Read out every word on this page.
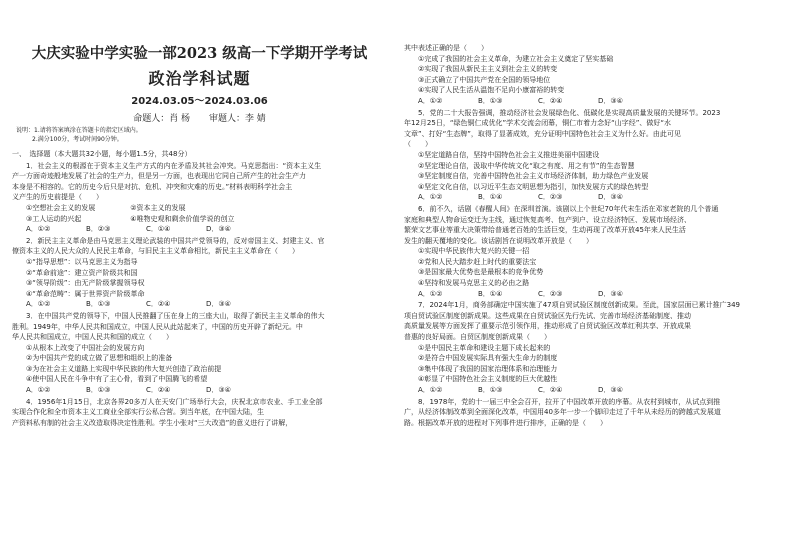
大庆实验中学实验一部2023 级高一下学期开学考试
政治学科试题
2024.03.05～2024.03.06
命题人：肖 杨 审题人：李 婧
说明：1.请将答案填涂在答题卡的指定区域内。
2.满分100分，考试时间90分钟。

一、　选择题（本大题共32小题，每小题1.5分，共48分）

1．社会主义的根源在于资本主义生产方式的内在矛盾及其社会冲突。马克思指出：“资本主义生

产一方面奇迹般地发展了社会的生产力，但是另一方面，也表现出它同自己所产生的社会生产力

本身是不相容的。它的历史今后只是对抗、危机、冲突和灾难的历史。”材料表明科学社会主

义产生的历史前提是（　　）

①空想社会主义的发展　　　　　②资本主义的发展

③工人运动的兴起　　　　　　　④唯物史观和剩余价值学说的创立

A．①②	B．②③	C．①④	D．③④

2．新民主主义革命是由马克思主义理论武装的中国共产党领导的，反对帝国主义、封建主义、官

僚资本主义的人民大众的人民民主革命，与旧民主主义革命相比，新民主主义革命在（　　）

①“指导思想”：以马克思主义为指导

②“革命前途”：建立资产阶级共和国

③“领导阶级”：由无产阶级掌握领导权

④“革命范畴”：属于世界资产阶级革命

A．①②	B．①③	C．②④	D．③④

3．在中国共产党的领导下，中国人民推翻了压在身上的三座大山，取得了新民主主义革命的伟大

胜利。1949年，中华人民共和国成立，中国人民从此站起来了，中国的历史开辟了新纪元。中

华人民共和国成立，中国人民共和国的成立（　　）

①从根本上改变了中国社会的发展方向

②为中国共产党的成立做了思想和组织上的准备

③为在社会主义道路上实现中华民族的伟大复兴创造了政治前提

④使中国人民在斗争中有了主心骨，看到了中国腾飞的希望

A．①②	B．①③	C．②④	D．③④

4．1956年1月15日，北京各界20多万人在天安门广场举行大会，庆祝北京市农业、手工业全部

实现合作化和全市资本主义工商业全部实行公私合营。到当年底，在中国大陆，生

产资料私有制的社会主义改造取得决定性胜利。学生小张对“三大改造”的意义进行了讲解，

其中表述正确的是（　　）

①完成了我国的社会主义革命，为建立社会主义奠定了坚实基础

②实现了我国从新民主主义到社会主义的转变

③正式确立了中国共产党在全国的领导地位

④实现了人民生活从温饱不足向小康富裕的转变

A．①②	B．①③	C．②④	D．③④

5．党的二十大报告强调，推动经济社会发展绿色化、低碳化是实现高质量发展的关键环节。2023

年12月25日，“绿色铜仁成优化”学术交流会闭幕，铜仁市着力念好“山字经”、做好“水

文章”、打好“生态牌”，取得了显著成效，充分证明中国特色社会主义为什么好。由此可见

（　　）

①坚定道路自信，坚持中国特色社会主义推进美丽中国建设

②坚定理论自信，汲取中华传统文化“取之有度、用之有节”的生态智慧

③坚定制度自信，完善中国特色社会主义市场经济体制，助力绿色产业发展

④坚定文化自信，以习近平生态文明思想为指引，加快发展方式的绿色转型

A．①②	B．①④	C．②③	D．③④

6．前不久，话剧《春醒人间》在深圳首演。该剧以上个世纪70年代末生活在邓家老院的几个普通

家庭和典型人物命运变迁为主线，通过恢复高考、包产到户、设立经济特区、发展市场经济、

繁荣文艺事业等重大决策带给普通老百姓的生活巨变，生动再现了改革开放45年来人民生活

发生的翻天覆地的变化。该话剧旨在说明改革开放是（　　）

①实现中华民族伟大复兴的关键一招

②党和人民大踏步赶上时代的重要法宝

③是国家最大优势也是最根本的竞争优势

④坚持和发展马克思主义的必由之路

A．①②	B．①④	C．②③	D．③④

7．2024年1月，商务部确定中国实施了47项自贸试验区制度创新成果。至此，国家层面已累计推广349

项自贸试验区制度创新成果。这些成果在自贸试验区先行先试、完善市场经济基础制度、推动

高质量发展等方面发挥了重要示范引领作用，推动形成了自贸试验区改革红利共享、开放成果

普惠的良好局面。自贸区制度创新成果（　　）

①是中国民主革命和建设主题下成长起来的

②是符合中国发展实际具有强大生命力的制度

③集中体现了我国的国家治理体系和治理能力

④彰显了中国特色社会主义制度的巨大优越性

A．①②	B．①③	C．②④	D．③④

8．1978年，党的十一届三中全会召开，拉开了中国改革开放的序幕。从农村到城市，从试点到推

广，从经济体制改革到全面深化改革，中国用40多年一步一个脚印走过了千年从未经历的跨越式发展道

路。根据改革开放的进程对下列事件进行排序，正确的是（　　）
